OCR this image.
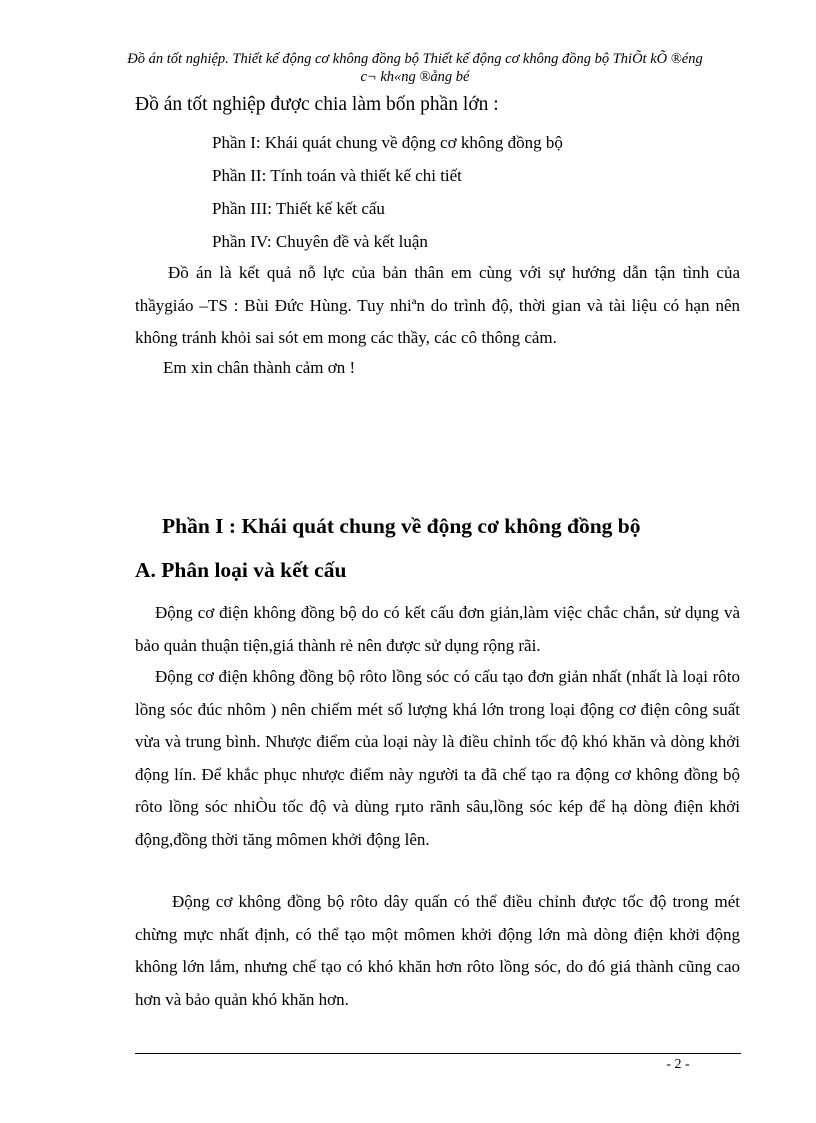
Đồ án tốt nghiệp. Thiết kế động cơ không đồng bộ Thiết kế động cơ không đồng bộ ThiÕt kÕ ®éng c¬ kh«ng ®ång bé
Đồ án tốt nghiệp được chia làm bốn phần lớn :
Phần I: Khái quát chung về động cơ không đồng bộ
Phần II: Tính toán và thiết kế chi tiết
Phần III: Thiết kế kết cấu
Phần IV: Chuyên đề và kết luận
Đồ án là kết quả nỗ lực của bản thân em cùng với sự hướng dẫn tận tình của thầygiáo –TS : Bùi Đức Hùng. Tuy nhiªn do trình độ, thời gian và tài liệu có hạn nên không tránh khỏi sai sót em mong các thầy, các cô thông cảm.
Em xin chân thành cảm ơn !
Phần I : Khái quát chung về động cơ không đồng bộ
A. Phân loại và kết cấu
Động cơ điện không đồng bộ do có kết cấu đơn giản,làm việc chắc chắn, sử dụng và bảo quản thuận tiện,giá thành rẻ nên được sử dụng rộng rãi.
Động cơ điện không đồng bộ rôto lồng sóc có cấu tạo đơn giản nhất (nhất là loại rôto lồng sóc đúc nhôm ) nên chiếm mét số lượng khá lớn trong loại động cơ điện công suất vừa và trung bình. Nhược điểm của loại này là điều chỉnh tốc độ khó khăn và dòng khởi động lín. Để khắc phục nhược điểm này người ta đã chế tạo ra động cơ không đồng bộ rôto lồng sóc nhiÒu tốc độ và dùng rµto rãnh sâu,lồng sóc kép để hạ dòng điện khởi động,đồng thời tăng mômen khởi động lên.
Động cơ không đồng bộ rôto dây quấn có thể điều chỉnh được tốc độ trong mét chừng mực nhất định, có thể tạo một mômen khởi động lớn mà dòng điện khởi động không lớn lắm, nhưng chế tạo có khó khăn hơn rôto lồng sóc, do đó giá thành cũng cao hơn và bảo quản khó khăn hơn.
- 2 -
